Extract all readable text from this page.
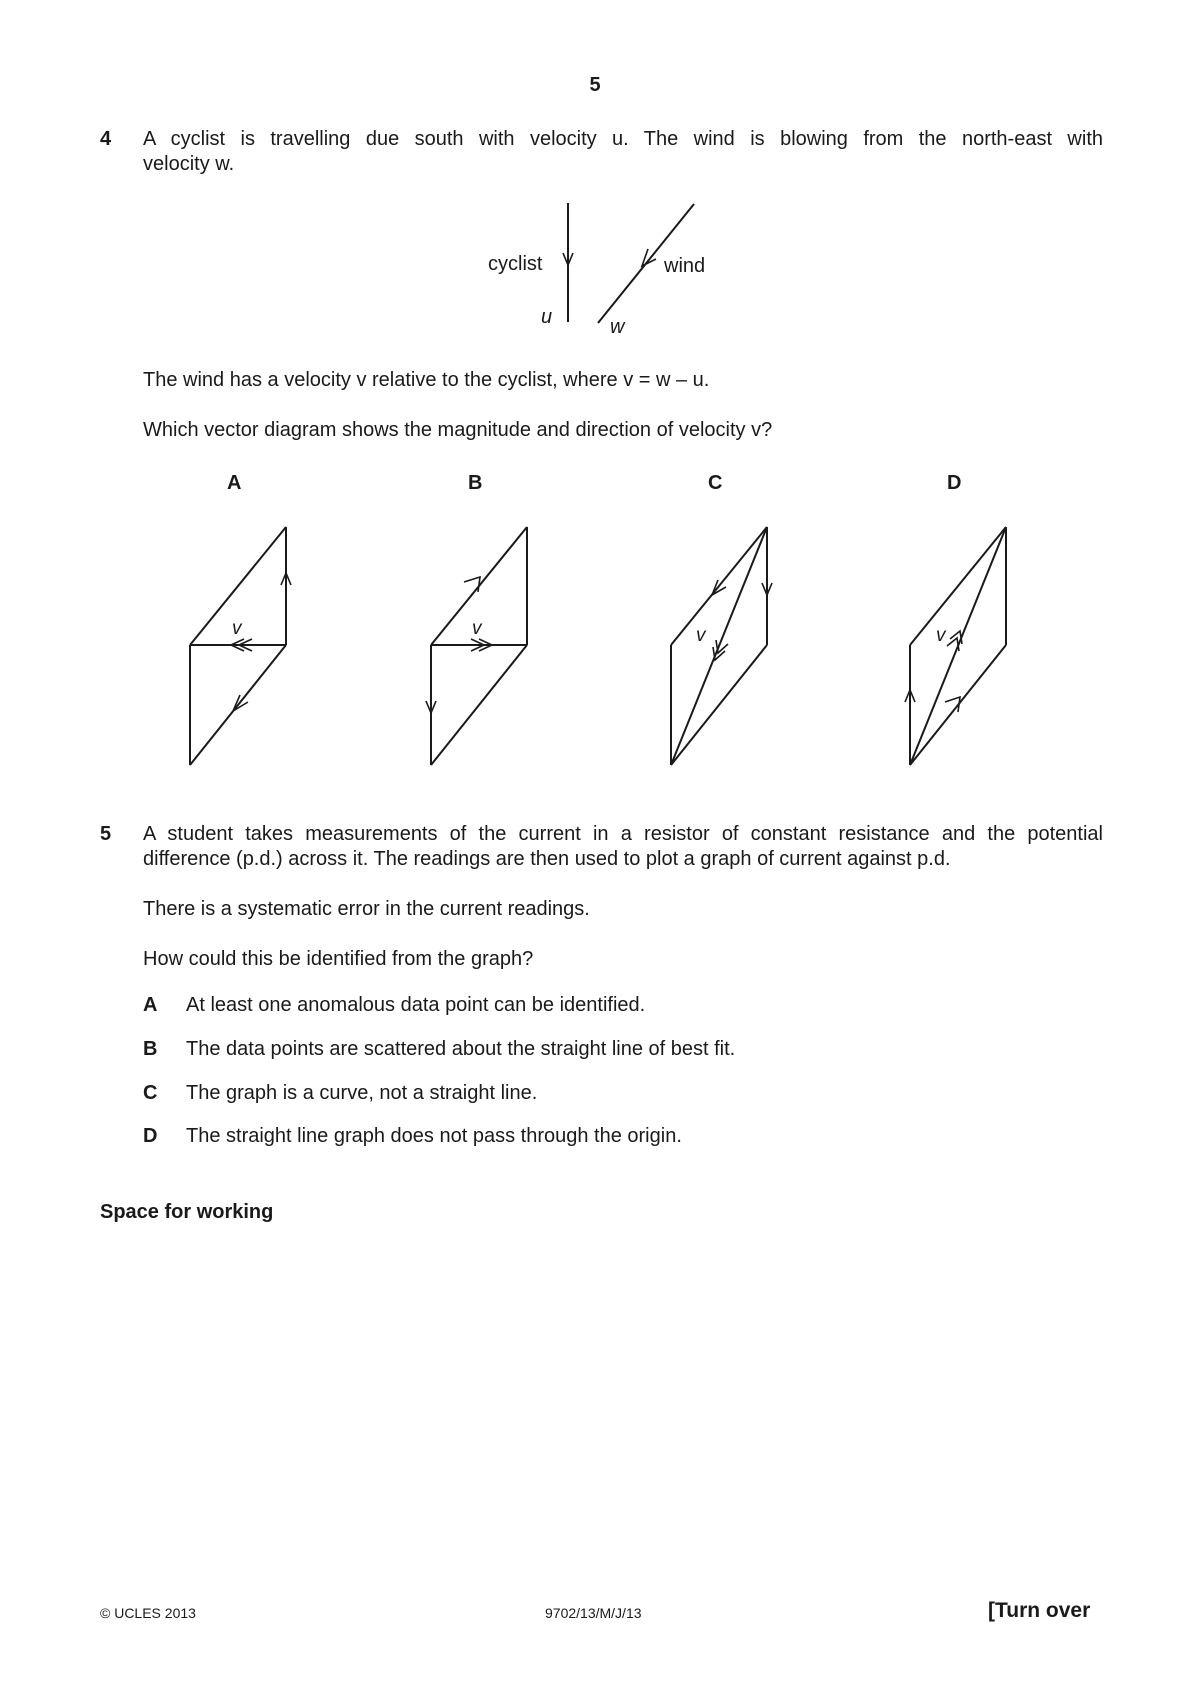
5
4 A cyclist is travelling due south with velocity u. The wind is blowing from the north-east with
velocity w.
cyclist	wind
u	w
The wind has a velocity v relative to the cyclist, where v = w – u.
Which vector diagram shows the magnitude and direction of velocity v?
A	B	C	D
v	v	v	v
5 A student takes measurements of the current in a resistor of constant resistance and the potential
difference (p.d.) across it. The readings are then used to plot a graph of current against p.d.
There is a systematic error in the current readings.
How could this be identified from the graph?
A At least one anomalous data point can be identified.
B The data points are scattered about the straight line of best fit.
C The graph is a curve, not a straight line.
D The straight line graph does not pass through the origin.
Space for working
© UCLES 2013	9702/13/M/J/13	[Turn over
